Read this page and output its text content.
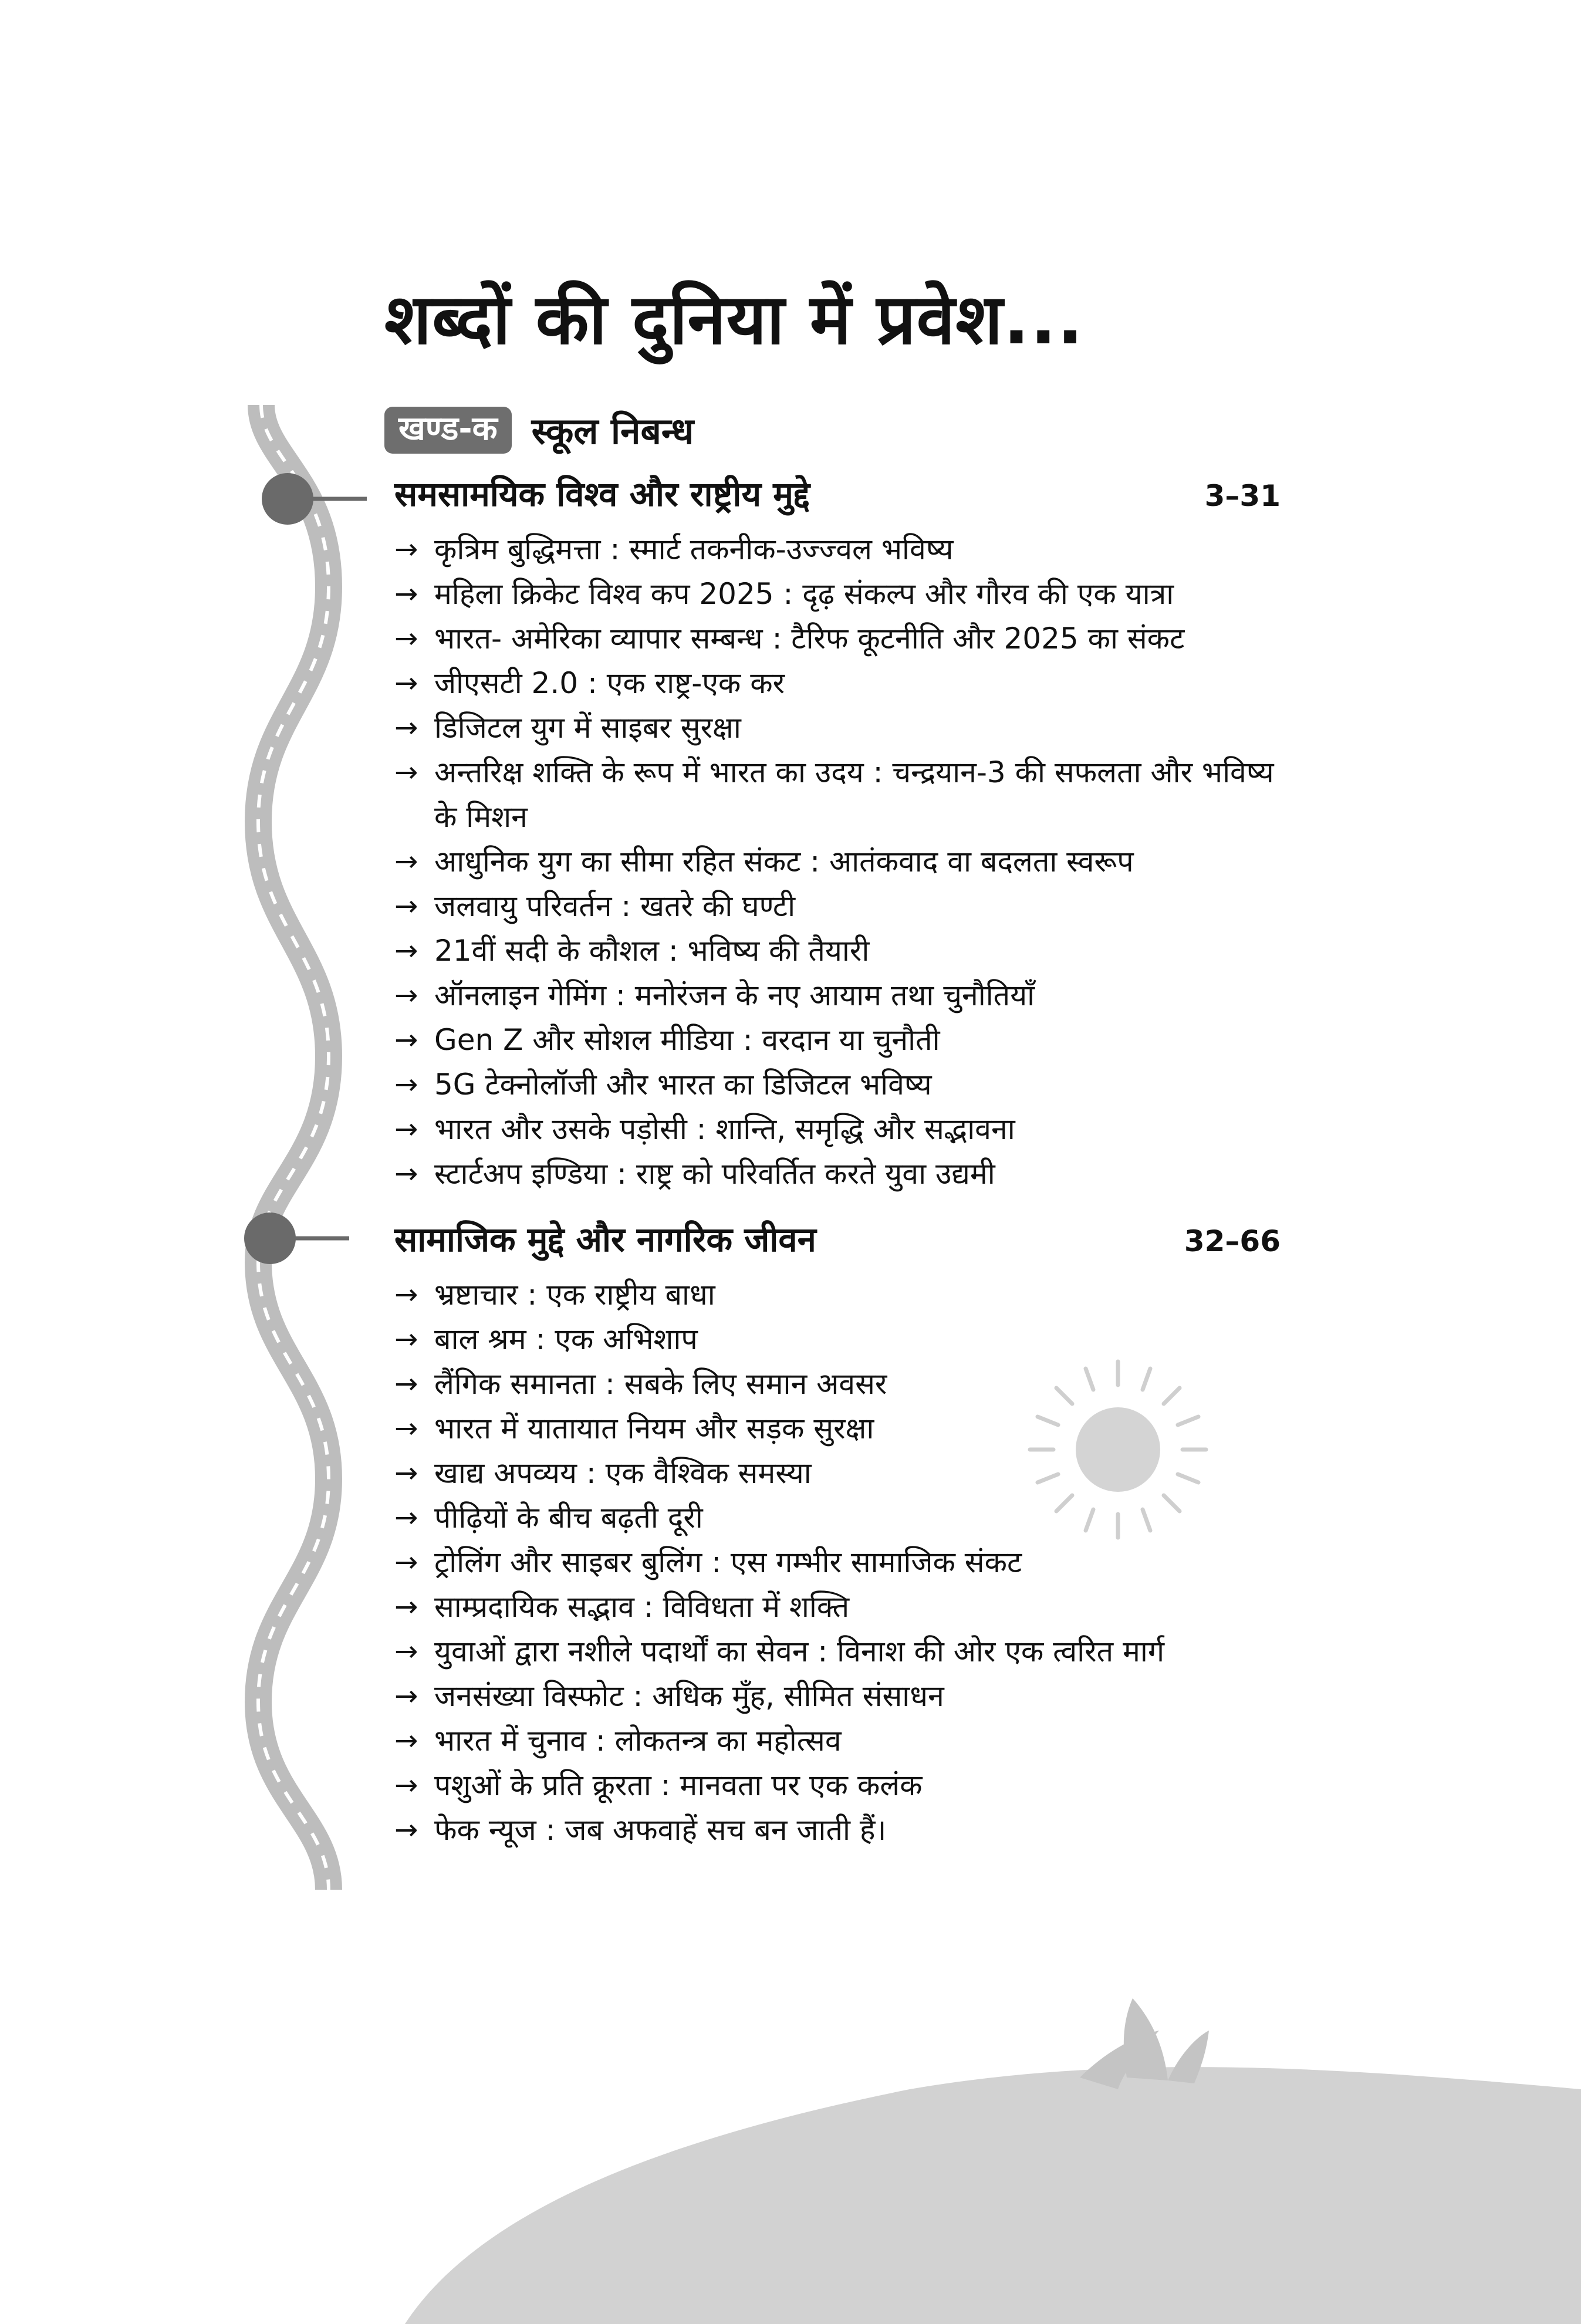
शब्दों की दुनिया में प्रवेश...
खण्ड-क स्कूल निबन्ध
समसामयिक विश्व और राष्ट्रीय मुद्दे	3–31
→ कृत्रिम बुद्धिमत्ता : स्मार्ट तकनीक-उज्ज्वल भविष्य
→ महिला क्रिकेट विश्व कप 2025 : दृढ़ संकल्प और गौरव की एक यात्रा
→ भारत- अमेरिका व्यापार सम्बन्ध : टैरिफ कूटनीति और 2025 का संकट
→ जीएसटी 2.0 : एक राष्ट्र-एक कर
→ डिजिटल युग में साइबर सुरक्षा
→ अन्तरिक्ष शक्ति के रूप में भारत का उदय : चन्द्रयान-3 की सफलता और भविष्य के मिशन
→ आधुनिक युग का सीमा रहित संकट : आतंकवाद वा बदलता स्वरूप
→ जलवायु परिवर्तन : खतरे की घण्टी
→ 21वीं सदी के कौशल : भविष्य की तैयारी
→ ऑनलाइन गेमिंग : मनोरंजन के नए आयाम तथा चुनौतियाँ
→ Gen Z और सोशल मीडिया : वरदान या चुनौती
→ 5G टेक्नोलॉजी और भारत का डिजिटल भविष्य
→ भारत और उसके पड़ोसी : शान्ति, समृद्धि और सद्भावना
→ स्टार्टअप इण्डिया : राष्ट्र को परिवर्तित करते युवा उद्यमी
सामाजिक मुद्दे और नागरिक जीवन	32–66
→ भ्रष्टाचार : एक राष्ट्रीय बाधा
→ बाल श्रम : एक अभिशाप
→ लैंगिक समानता : सबके लिए समान अवसर
→ भारत में यातायात नियम और सड़क सुरक्षा
→ खाद्य अपव्यय : एक वैश्विक समस्या
→ पीढ़ियों के बीच बढ़ती दूरी
→ ट्रोलिंग और साइबर बुलिंग : एस गम्भीर सामाजिक संकट
→ साम्प्रदायिक सद्भाव : विविधता में शक्ति
→ युवाओं द्वारा नशीले पदार्थों का सेवन : विनाश की ओर एक त्वरित मार्ग
→ जनसंख्या विस्फोट : अधिक मुँह, सीमित संसाधन
→ भारत में चुनाव : लोकतन्त्र का महोत्सव
→ पशुओं के प्रति क्रूरता : मानवता पर एक कलंक
→ फेक न्यूज : जब अफवाहें सच बन जाती हैं।
